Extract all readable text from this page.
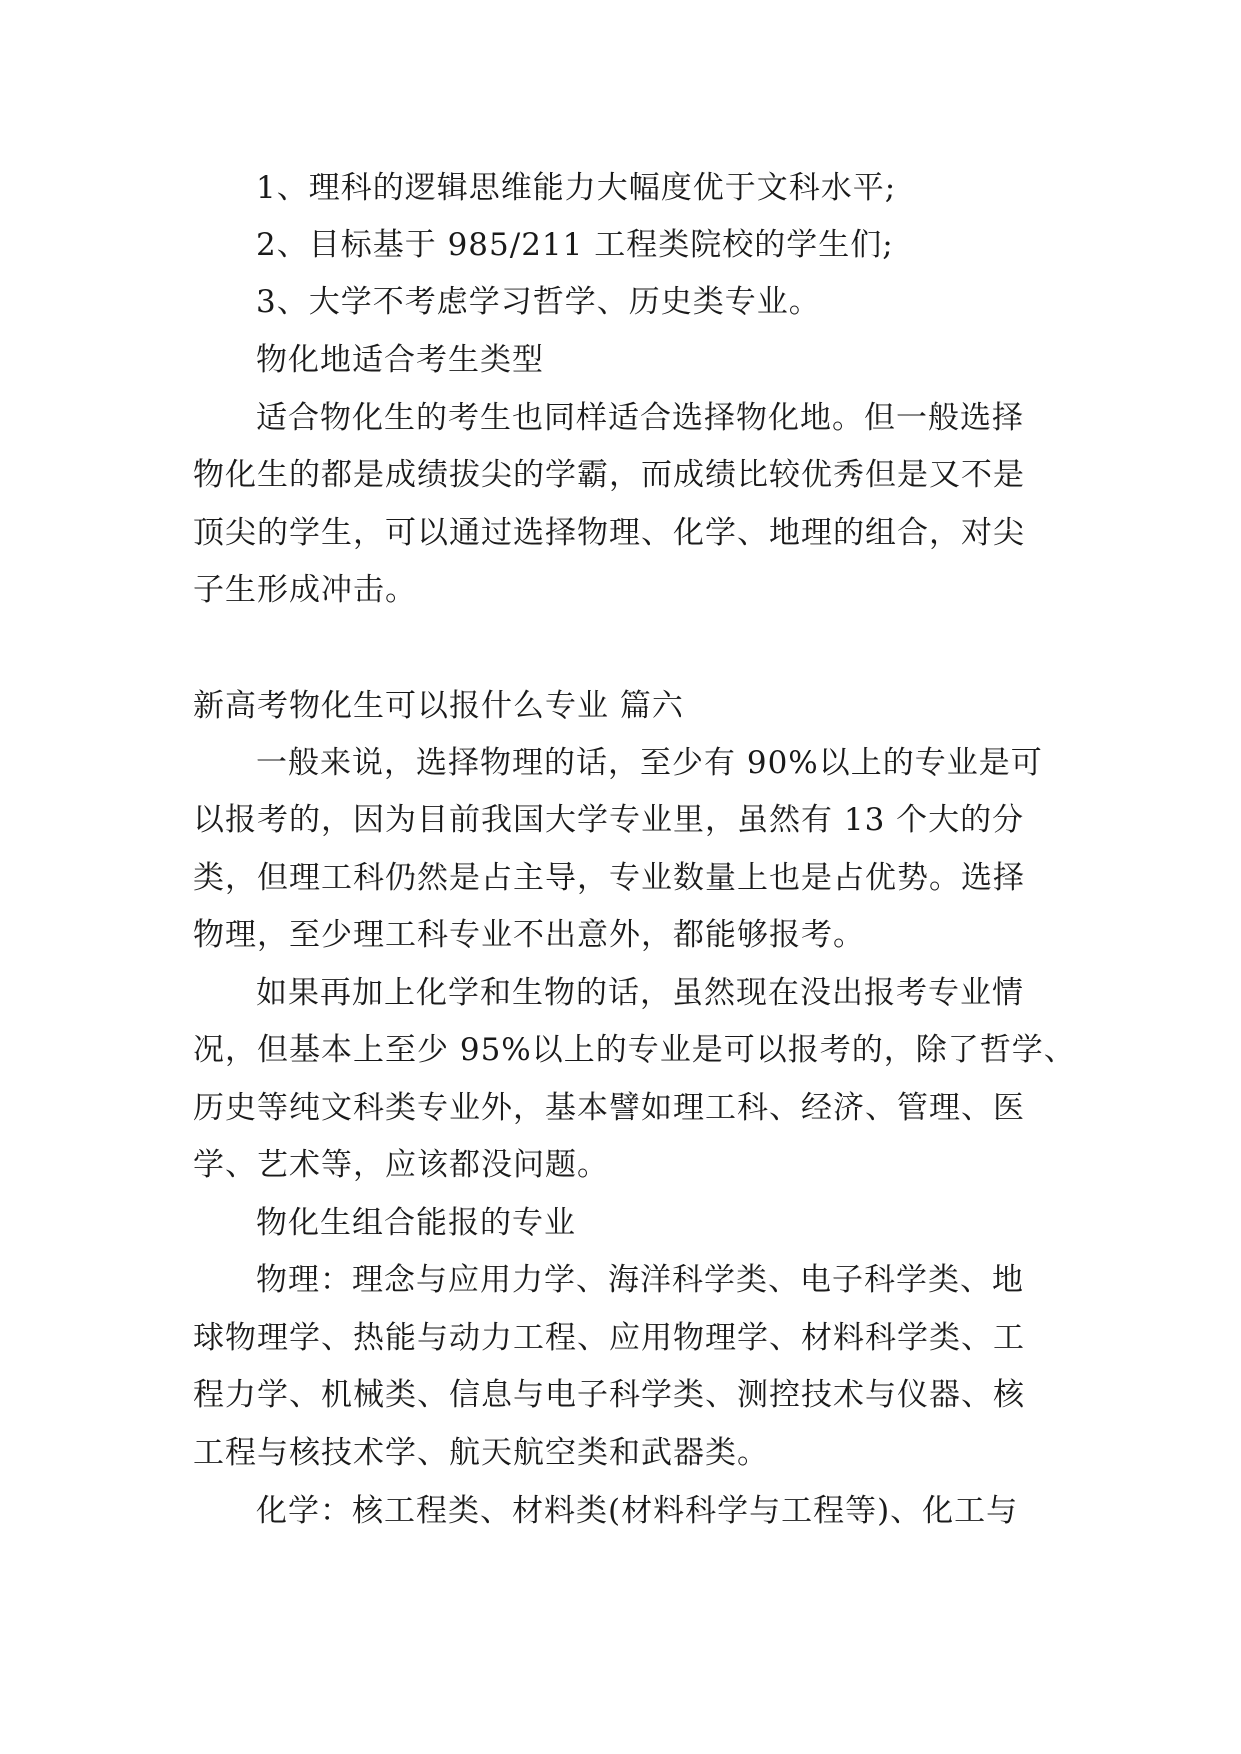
1、理科的逻辑思维能力大幅度优于文科水平;
2、目标基于 985/211 工程类院校的学生们;
3、大学不考虑学习哲学、历史类专业。
物化地适合考生类型
适合物化生的考生也同样适合选择物化地。但一般选择
物化生的都是成绩拔尖的学霸，而成绩比较优秀但是又不是
顶尖的学生，可以通过选择物理、化学、地理的组合，对尖
子生形成冲击。
新高考物化生可以报什么专业 篇六
一般来说，选择物理的话，至少有 90%以上的专业是可
以报考的，因为目前我国大学专业里，虽然有 13 个大的分
类，但理工科仍然是占主导，专业数量上也是占优势。选择
物理，至少理工科专业不出意外，都能够报考。
如果再加上化学和生物的话，虽然现在没出报考专业情
况，但基本上至少 95%以上的专业是可以报考的，除了哲学、
历史等纯文科类专业外，基本譬如理工科、经济、管理、医
学、艺术等，应该都没问题。
物化生组合能报的专业
物理：理念与应用力学、海洋科学类、电子科学类、地
球物理学、热能与动力工程、应用物理学、材料科学类、工
程力学、机械类、信息与电子科学类、测控技术与仪器、核
工程与核技术学、航天航空类和武器类。
化学：核工程类、材料类(材料科学与工程等)、化工与
